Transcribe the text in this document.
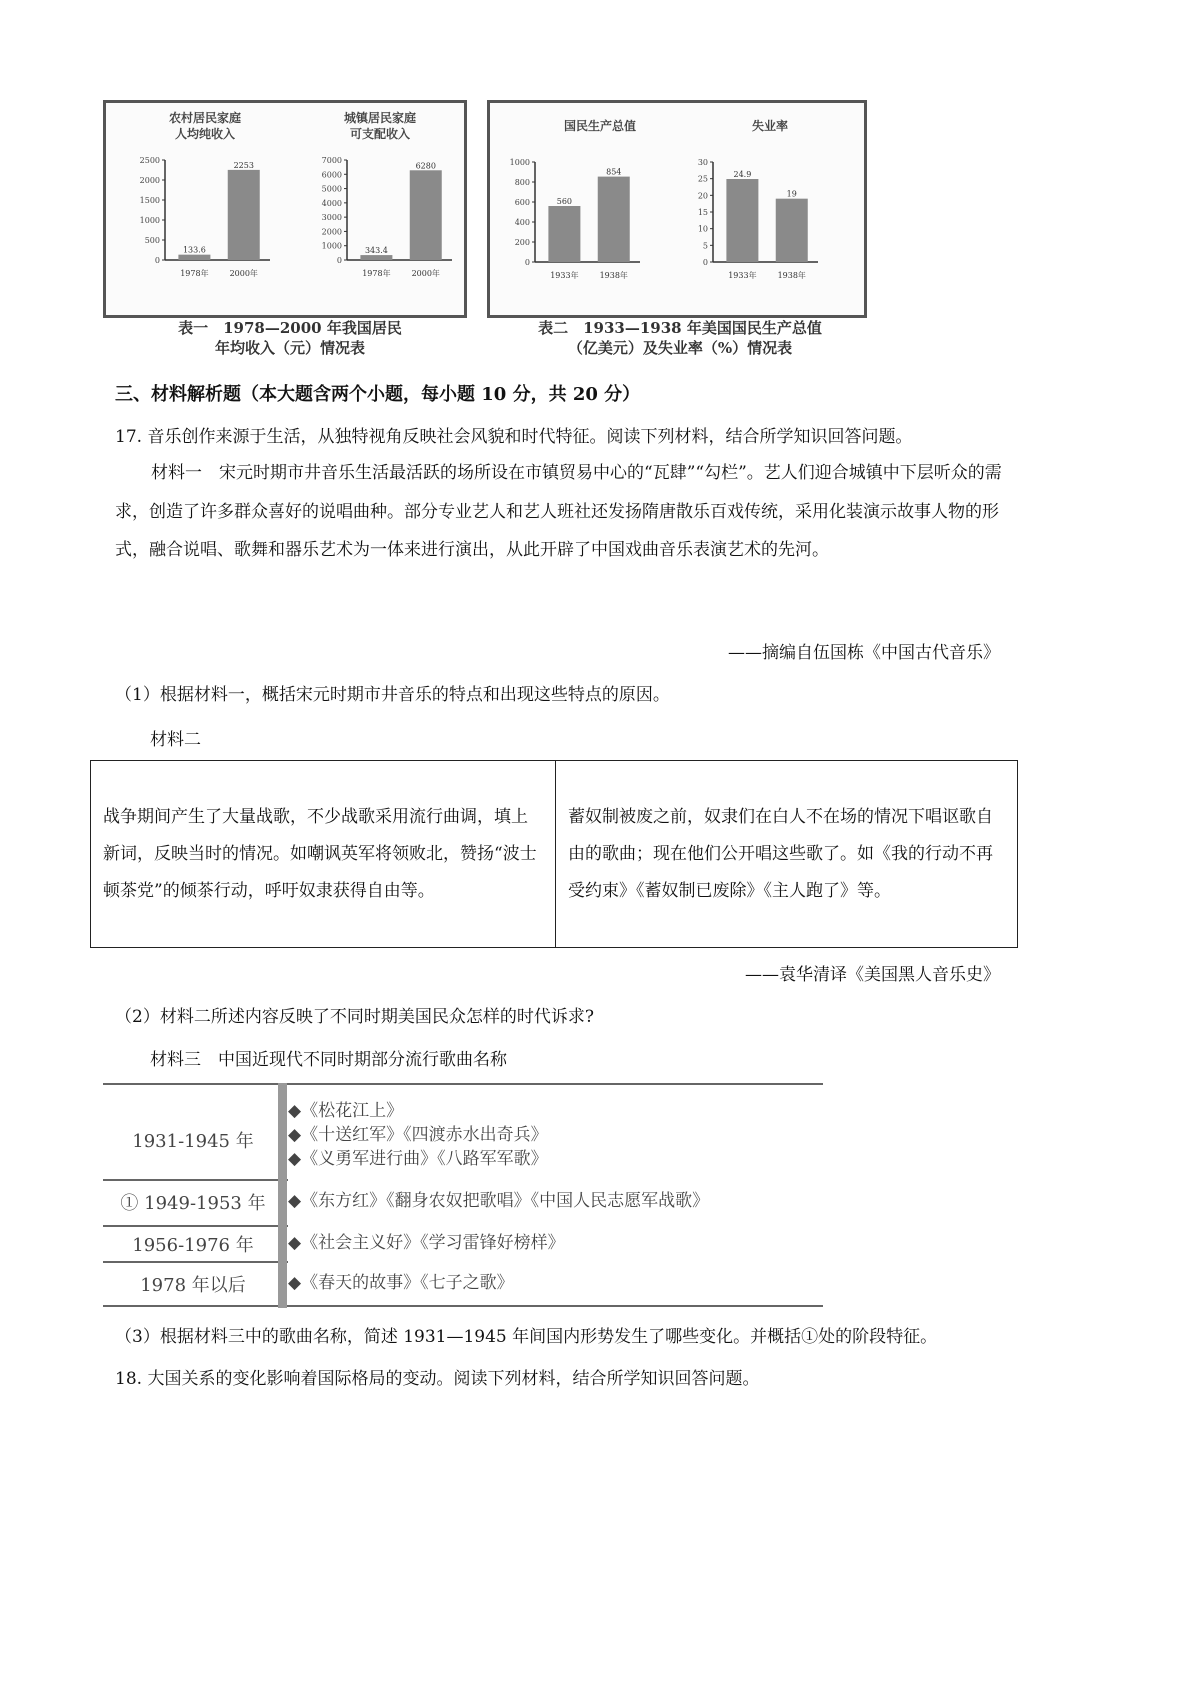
农村居民家庭
人均纯收入
城镇居民家庭
可支配收入
国民生产总值	失业率
0
500
1000
1500
2000
2500
133.6
1978年
2253
2000年
0
1000
2000
3000
4000
5000
6000
7000
343.4
1978年
6280
2000年
0
200
400
600
800
1000
560
1933年
854
1938年
0
5
10
15
20
25
30
24.9
1933年
19
1938年
表一　1978—2000 年我国居民
年均收入（元）情况表
表二　1933—1938 年美国国民生产总值
（亿美元）及失业率（%）情况表
三、材料解析题（本大题含两个小题，每小题 10 分，共 20 分）
17. 音乐创作来源于生活，从独特视角反映社会风貌和时代特征。阅读下列材料，结合所学知识回答问题。
材料一　宋元时期市井音乐生活最活跃的场所设在市镇贸易中心的“瓦肆”“勾栏”。艺人们迎合城镇中下层听众的需求，创造了许多群众喜好的说唱曲种。部分专业艺人和艺人班社还发扬隋唐散乐百戏传统，采用化装演示故事人物的形式，融合说唱、歌舞和器乐艺术为一体来进行演出，从此开辟了中国戏曲音乐表演艺术的先河。
——摘编自伍国栋《中国古代音乐》
（1）根据材料一，概括宋元时期市井音乐的特点和出现这些特点的原因。
材料二
战争期间产生了大量战歌，不少战歌采用流行曲调，填上新词，反映当时的情况。如嘲讽英军将领败北，赞扬“波士顿茶党”的倾茶行动，呼吁奴隶获得自由等。	蓄奴制被废之前，奴隶们在白人不在场的情况下唱讴歌自由的歌曲；现在他们公开唱这些歌了。如《我的行动不再受约束》《蓄奴制已废除》《主人跑了》等。
——袁华清译《美国黑人音乐史》
（2）材料二所述内容反映了不同时期美国民众怎样的时代诉求?
材料三　中国近现代不同时期部分流行歌曲名称
1931-1945 年
◆《松花江上》
◆《十送红军》《四渡赤水出奇兵》
◆《义勇军进行曲》《八路军军歌》
① 1949-1953 年	◆《东方红》《翻身农奴把歌唱》《中国人民志愿军战歌》
1956-1976 年	◆《社会主义好》《学习雷锋好榜样》
1978 年以后	◆《春天的故事》《七子之歌》
（3）根据材料三中的歌曲名称，简述 1931—1945 年间国内形势发生了哪些变化。并概括①处的阶段特征。
18. 大国关系的变化影响着国际格局的变动。阅读下列材料，结合所学知识回答问题。
